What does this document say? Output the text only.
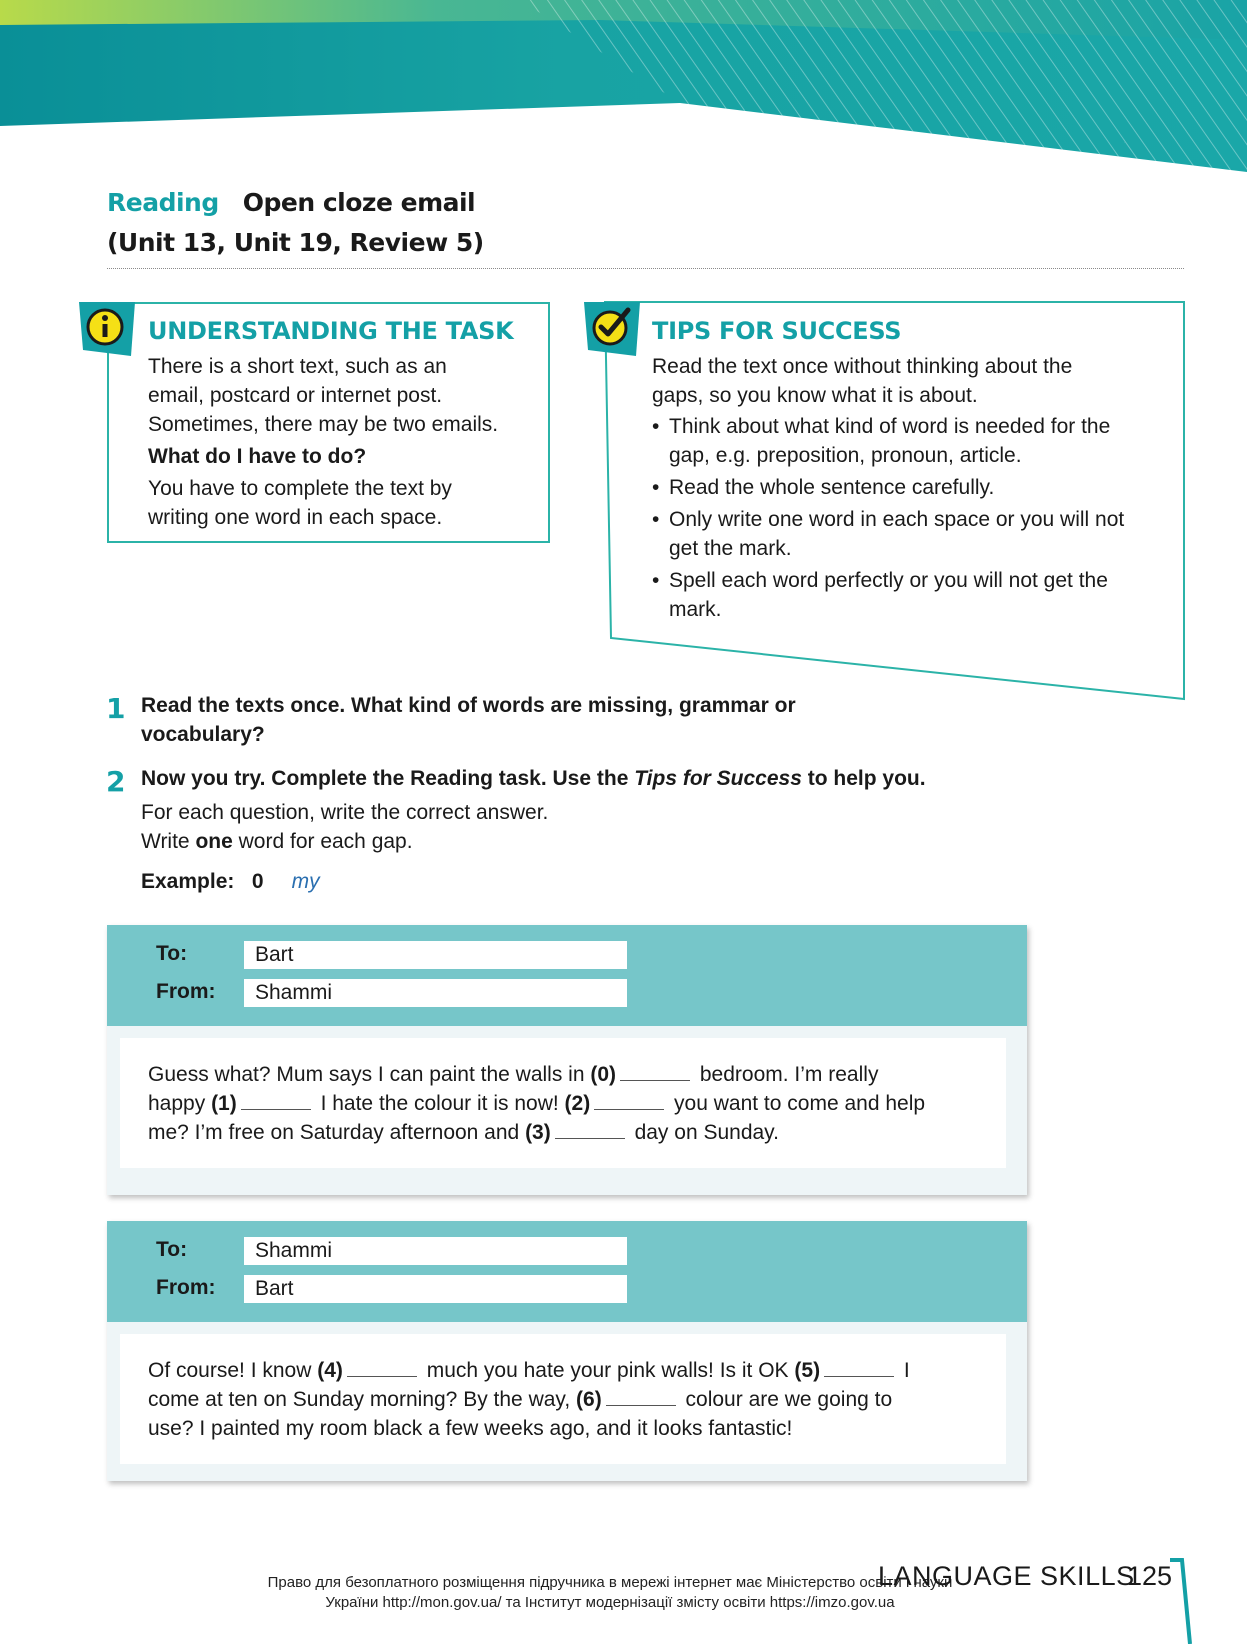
Reading Open cloze email
(Unit 13, Unit 19, Review 5)
UNDERSTANDING THE TASK

There is a short text, such as an

email, postcard or internet post.

Sometimes, there may be two emails.

What do I have to do?

You have to complete the text by

writing one word in each space.

TIPS FOR SUCCESS

Read the text once without thinking about the

gaps, so you know what it is about.

• Think about what kind of word is needed for the
gap, e.g. preposition, pronoun, article.
• Read the whole sentence carefully.
• Only write one word in each space or you will not
get the mark.
• Spell each word perfectly or you will not get the
mark.
1 Read the texts once. What kind of words are missing, grammar or
vocabulary?
2 Now you try. Complete the Reading task. Use the Tips for Success to help you.
For each question, write the correct answer.
Write one word for each gap.
Example: 0 my
To:	Bart
From:	Shammi
Guess what? Mum says I can paint the walls in (0)	bedroom. I’m really
happy (1)	I hate the colour it is now! (2)	you want to come and help
me? I’m free on Saturday afternoon and (3)	day on Sunday.
To:	Shammi
From:	Bart
Of course! I know (4)	much you hate your pink walls! Is it OK (5)	I
come at ten on Sunday morning? By the way, (6)	colour are we going to
use? I painted my room black a few weeks ago, and it looks fantastic!
Право для безоплатного розміщення підручника в мережі інтернет має Міністерство освіти і науки
України http://mon.gov.ua/ та Інститут модернізації змісту освіти https://imzo.gov.ua
LANGUAGE SKILLS
125
